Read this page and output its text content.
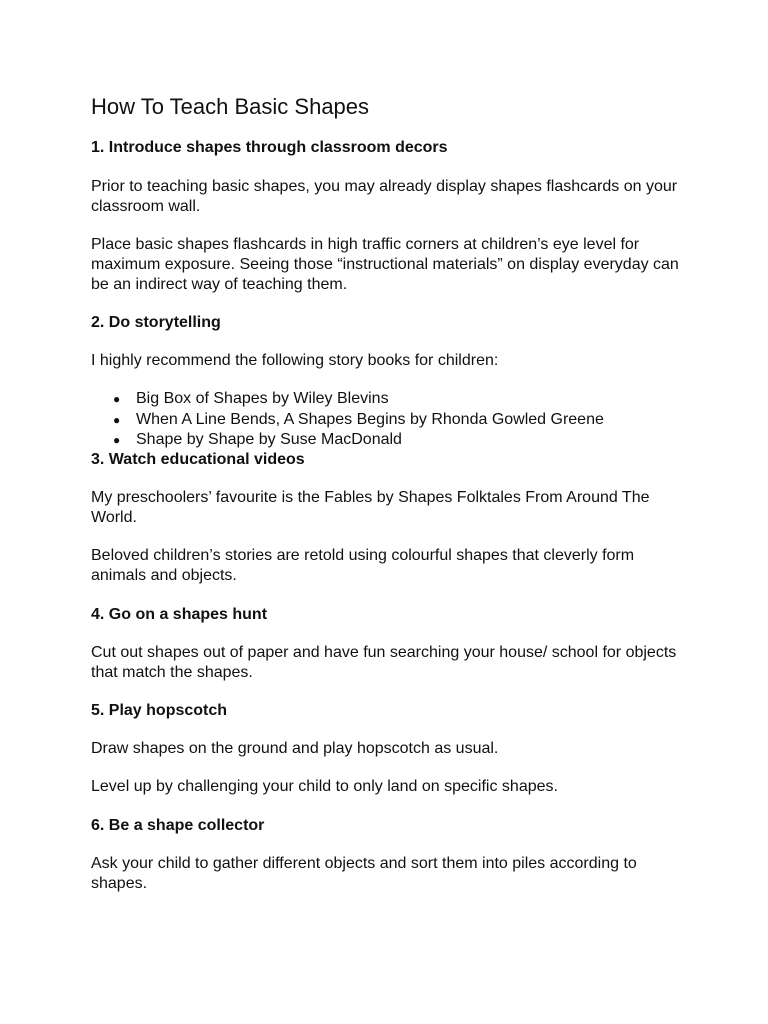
How To Teach Basic Shapes
1. Introduce shapes through classroom decors

Prior to teaching basic shapes, you may already display shapes flashcards on your classroom wall.

Place basic shapes flashcards in high traffic corners at children’s eye level for maximum exposure. Seeing those “instructional materials” on display everyday can be an indirect way of teaching them.

2. Do storytelling

I highly recommend the following story books for children:

● Big Box of Shapes by Wiley Blevins
● When A Line Bends, A Shapes Begins by Rhonda Gowled Greene
● Shape by Shape by Suse MacDonald
3. Watch educational videos

My preschoolers’ favourite is the Fables by Shapes Folktales From Around The World.

Beloved children’s stories are retold using colourful shapes that cleverly form animals and objects.

4. Go on a shapes hunt

Cut out shapes out of paper and have fun searching your house/ school for objects that match the shapes.

5. Play hopscotch

Draw shapes on the ground and play hopscotch as usual.

Level up by challenging your child to only land on specific shapes.

6. Be a shape collector

Ask your child to gather different objects and sort them into piles according to shapes.
